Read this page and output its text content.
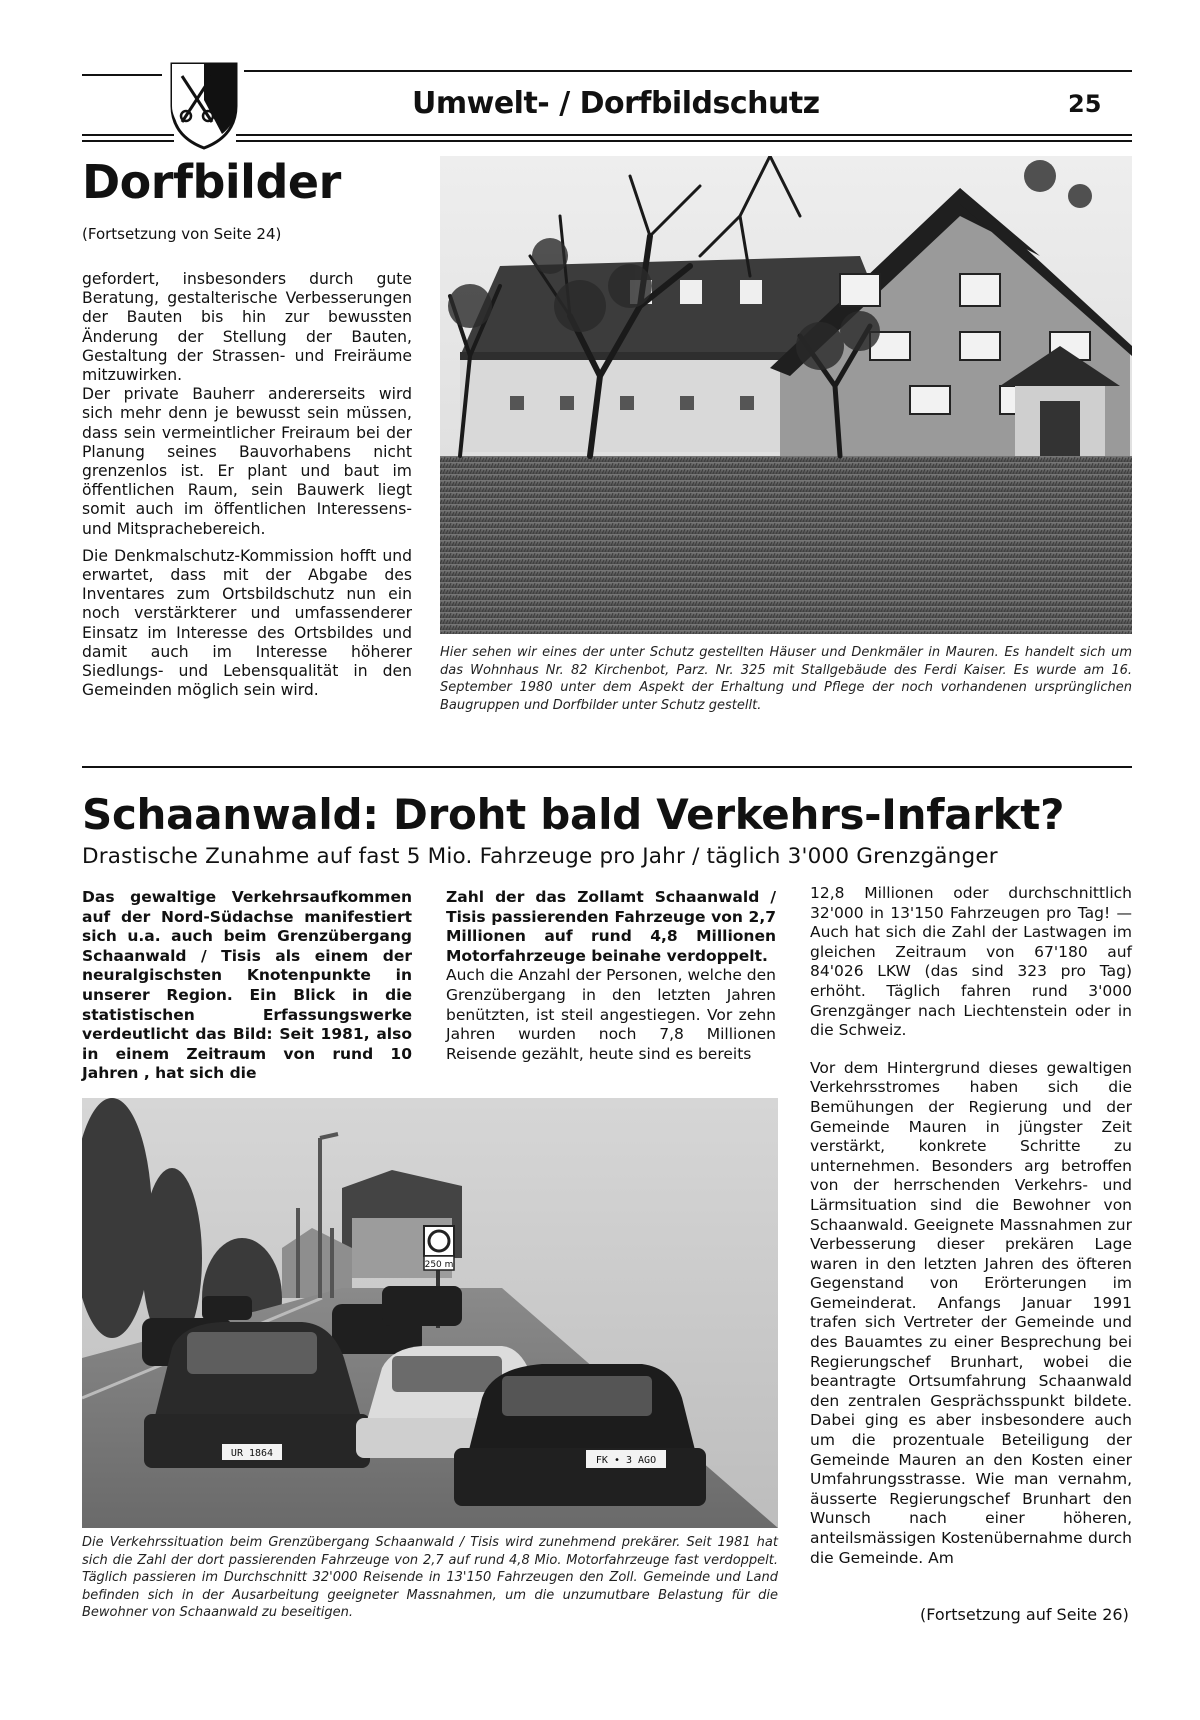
Umwelt- / Dorfbildschutz	25
Dorfbilder
(Fortsetzung von Seite 24)

gefordert, insbesonders durch gute Beratung, gestalterische Verbesserungen der Bauten bis hin zur bewussten Änderung der Stellung der Bauten, Gestaltung der Strassen- und Freiräume mitzuwirken.

Der private Bauherr andererseits wird sich mehr denn je bewusst sein müssen, dass sein vermeintlicher Freiraum bei der Planung seines Bauvorhabens nicht grenzenlos ist. Er plant und baut im öffentlichen Raum, sein Bauwerk liegt somit auch im öffentlichen Interessens- und Mitsprachebereich.

Die Denkmalschutz-Kommission hofft und erwartet, dass mit der Abgabe des Inventares zum Ortsbildschutz nun ein noch verstärkterer und umfassenderer Einsatz im Interesse des Ortsbildes und damit auch im Interesse höherer Siedlungs- und Lebensqualität in den Gemeinden möglich sein wird.

Hier sehen wir eines der unter Schutz gestellten Häuser und Denkmäler in Mauren. Es handelt sich um das Wohnhaus Nr. 82 Kirchenbot, Parz. Nr. 325 mit Stallgebäude des Ferdi Kaiser. Es wurde am 16. September 1980 unter dem Aspekt der Erhaltung und Pflege der noch vorhandenen ursprünglichen Baugruppen und Dorfbilder unter Schutz gestellt.
Schaanwald: Droht bald Verkehrs-Infarkt?
Drastische Zunahme auf fast 5 Mio. Fahrzeuge pro Jahr / täglich 3'000 Grenzgänger
Das gewaltige Verkehrsaufkommen auf der Nord-Südachse manifestiert sich u.a. auch beim Grenzübergang Schaanwald / Tisis als einem der neuralgischsten Knotenpunkte in unserer Region. Ein Blick in die statistischen Erfassungswerke verdeutlicht das Bild: Seit 1981, also in einem Zeitraum von rund 10 Jahren , hat sich die
Zahl der das Zollamt Schaanwald / Tisis passierenden Fahrzeuge von 2,7 Millionen auf rund 4,8 Millionen Motorfahrzeuge beinahe verdoppelt.
Auch die Anzahl der Personen, welche den Grenzübergang in den letzten Jahren benützten, ist steil angestiegen. Vor zehn Jahren wurden noch 7,8 Millionen Reisende gezählt, heute sind es bereits

12,8 Millionen oder durchschnittlich 32'000 in 13'150 Fahrzeugen pro Tag! — Auch hat sich die Zahl der Lastwagen im gleichen Zeitraum von 67'180 auf 84'026 LKW (das sind 323 pro Tag) erhöht. Täglich fahren rund 3'000 Grenzgänger nach Liechtenstein oder in die Schweiz.

Vor dem Hintergrund dieses gewaltigen Verkehrsstromes haben sich die Bemühungen der Regierung und der Gemeinde Mauren in jüngster Zeit verstärkt, konkrete Schritte zu unternehmen. Besonders arg betroffen von der herrschenden Verkehrs- und Lärmsituation sind die Bewohner von Schaanwald. Geeignete Massnahmen zur Verbesserung dieser prekären Lage waren in den letzten Jahren des öfteren Gegenstand von Erörterungen im Gemeinderat. Anfangs Januar 1991 trafen sich Vertreter der Gemeinde und des Bauamtes zu einer Besprechung bei Regierungschef Brunhart, wobei die beantragte Ortsumfahrung Schaanwald den zentralen Gesprächsspunkt bildete. Dabei ging es aber insbesondere auch um die prozentuale Beteiligung der Gemeinde Mauren an den Kosten einer Umfahrungsstrasse. Wie man vernahm, äusserte Regierungschef Brunhart den Wunsch nach einer höheren, anteilsmässigen Kostenübernahme durch die Gemeinde. Am

250 m
UR 1864
FK • 3 AGO
Die Verkehrssituation beim Grenzübergang Schaanwald / Tisis wird zunehmend prekärer. Seit 1981 hat sich die Zahl der dort passierenden Fahrzeuge von 2,7 auf rund 4,8 Mio. Motorfahrzeuge fast verdoppelt. Täglich passieren im Durchschnitt 32'000 Reisende in 13'150 Fahrzeugen den Zoll. Gemeinde und Land befinden sich in der Ausarbeitung geeigneter Massnahmen, um die unzumutbare Belastung für die Bewohner von Schaanwald zu beseitigen.	(Fortsetzung auf Seite 26)
